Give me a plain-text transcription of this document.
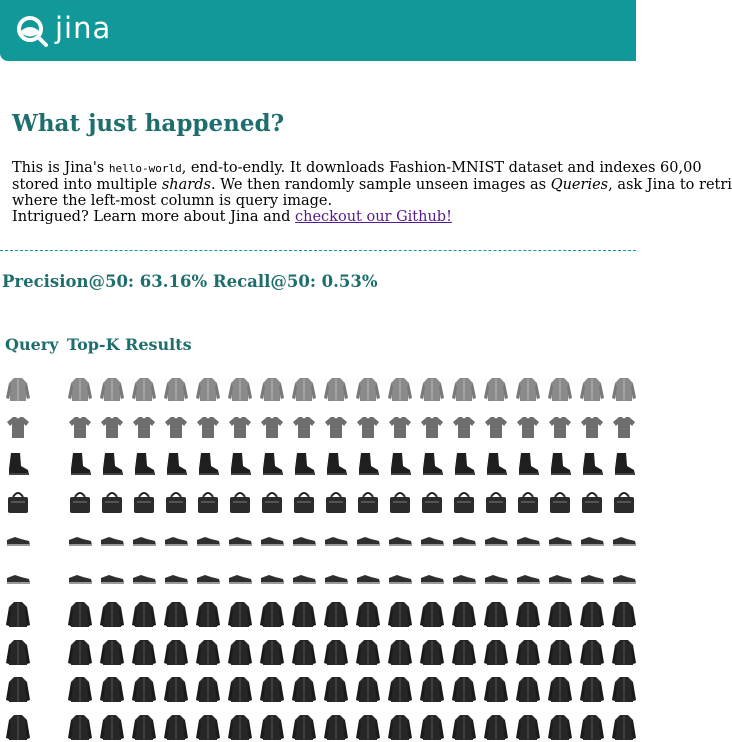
jina
What just happened?

This is Jina's hello-world, end-to-endly. It downloads Fashion-MNIST dataset and indexes 60,00

stored into multiple shards. We then randomly sample unseen images as Queries, ask Jina to retri

where the left-most column is query image.

Intrigued? Learn more about Jina and checkout our Github!

Precision@50: 63.16% Recall@50: 0.53%
Query Top-K Results
